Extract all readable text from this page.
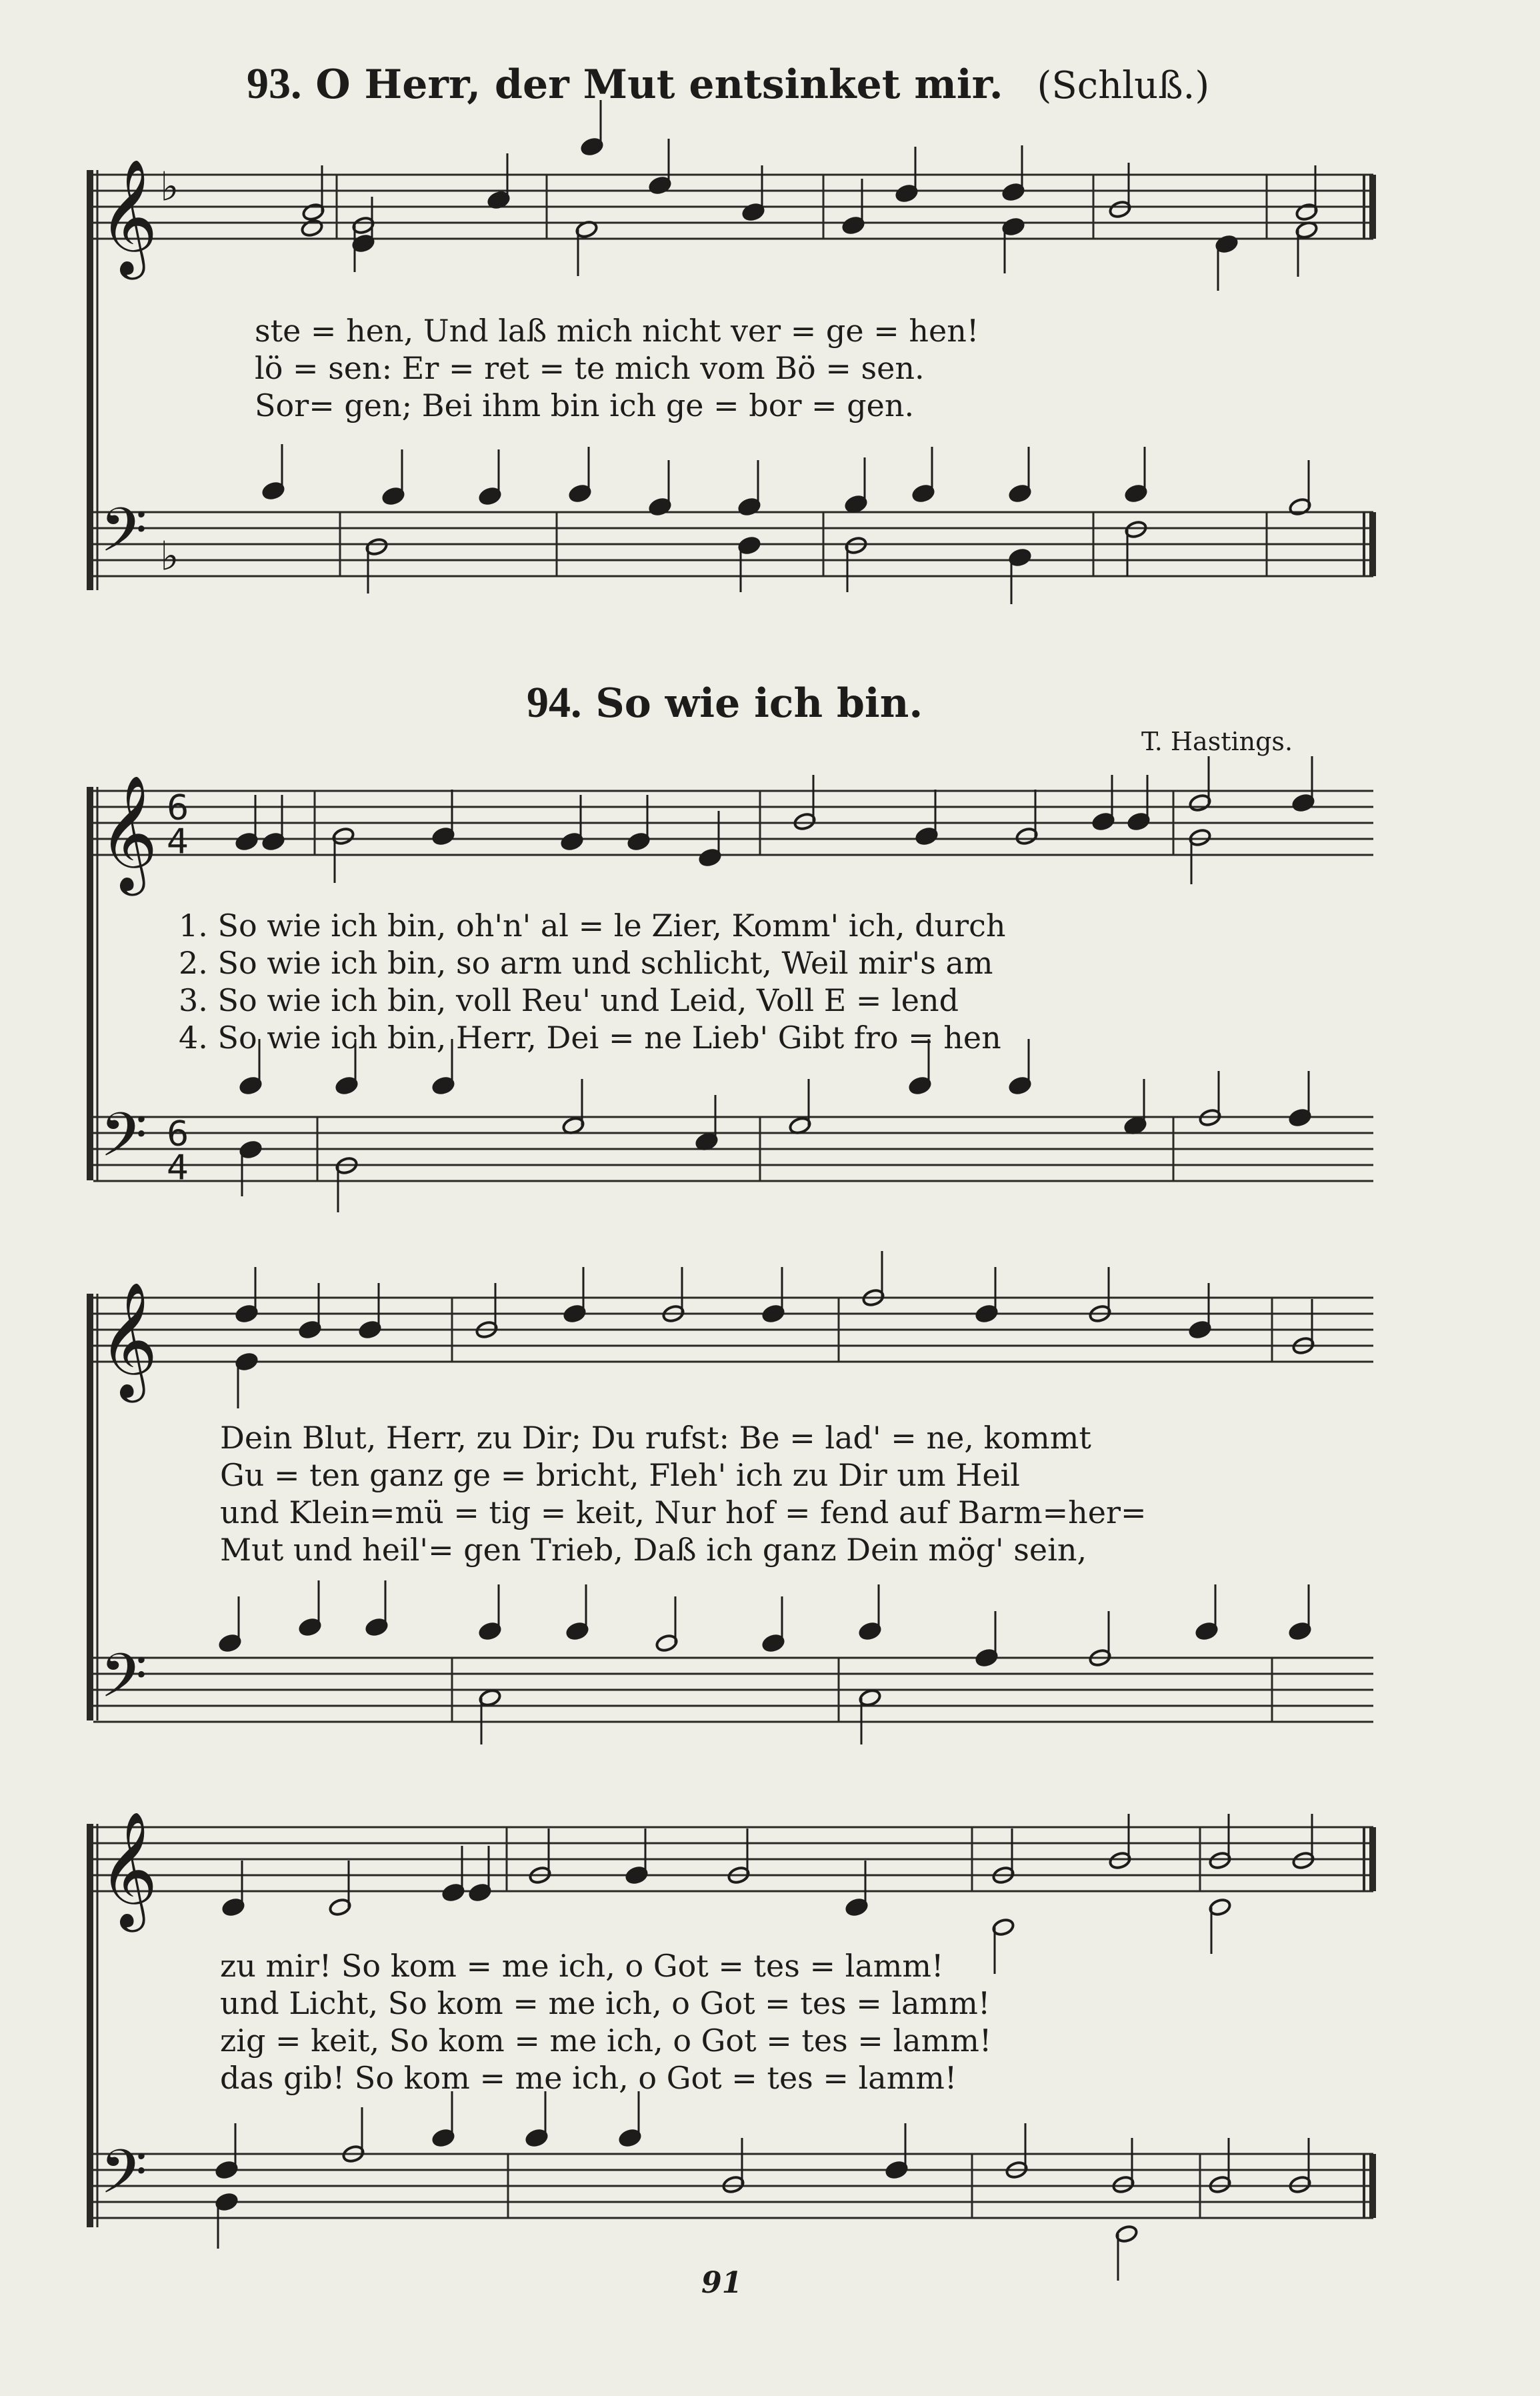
93. O Herr, der Mut entsinket mir. (Schluß.)
94. So wie ich bin.
T. Hastings.
𝄞 ♭
𝄢 ♭
𝄞 6
4
𝄢 6
4
𝄞
𝄢
𝄞
𝄢
ste = hen, Und laß mich nicht ver = ge = hen!
lö = sen: Er = ret = te mich vom Bö = sen.
Sor= gen; Bei ihm bin ich ge = bor = gen.
1. So wie ich bin, oh'n' al = le Zier, Komm' ich, durch
2. So wie ich bin, so arm und schlicht, Weil mir's am
3. So wie ich bin, voll Reu' und Leid, Voll E = lend
4. So wie ich bin, Herr, Dei = ne Lieb' Gibt fro = hen
Dein Blut, Herr, zu Dir; Du rufst: Be = lad' = ne, kommt
Gu = ten ganz ge = bricht, Fleh' ich zu Dir um Heil
und Klein=mü = tig = keit, Nur hof = fend auf Barm=her=
Mut und heil'= gen Trieb, Daß ich ganz Dein mög' sein,
zu mir! So kom = me ich, o Got = tes = lamm!
und Licht, So kom = me ich, o Got = tes = lamm!
zig = keit, So kom = me ich, o Got = tes = lamm!
das gib! So kom = me ich, o Got = tes = lamm!
91
